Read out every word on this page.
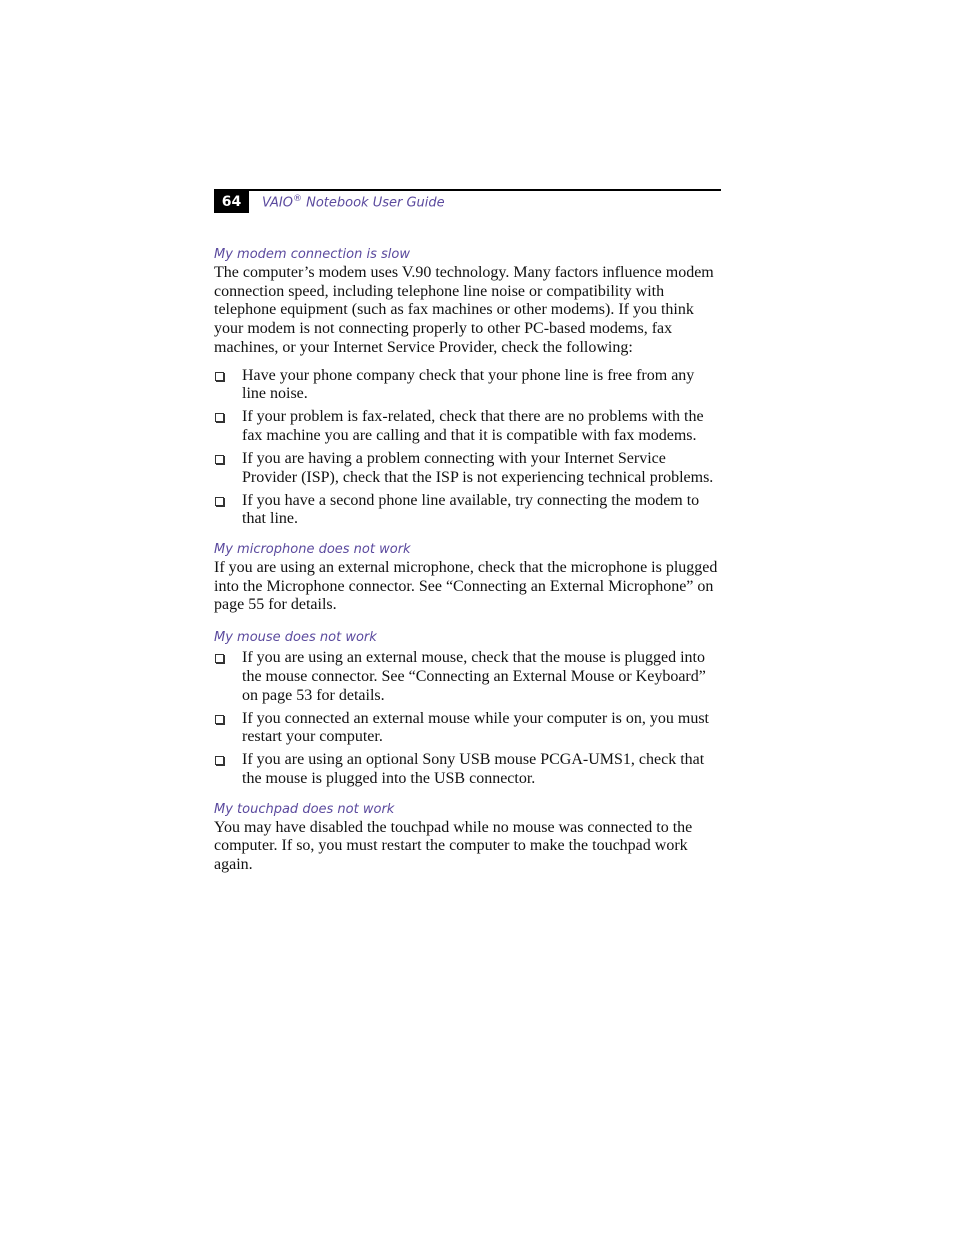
64	VAIO® Notebook User Guide

My modem connection is slow

The computer’s modem uses V.90 technology. Many factors influence modem connection speed, including telephone line noise or compatibility with telephone equipment (such as fax machines or other modems). If you think your modem is not connecting properly to other PC-based modems, fax machines, or your Internet Service Provider, check the following:

Have your phone company check that your phone line is free from any line noise.
If your problem is fax-related, check that there are no problems with the fax machine you are calling and that it is compatible with fax modems.
If you are having a problem connecting with your Internet Service Provider (ISP), check that the ISP is not experiencing technical problems.
If you have a second phone line available, try connecting the modem to that line.

My microphone does not work

If you are using an external microphone, check that the microphone is plugged into the Microphone connector. See “Connecting an External Microphone” on page 55 for details.

My mouse does not work

If you are using an external mouse, check that the mouse is plugged into the mouse connector. See “Connecting an External Mouse or Keyboard” on page 53 for details.
If you connected an external mouse while your computer is on, you must restart your computer.
If you are using an optional Sony USB mouse PCGA-UMS1, check that the mouse is plugged into the USB connector.

My touchpad does not work

You may have disabled the touchpad while no mouse was connected to the computer. If so, you must restart the computer to make the touchpad work again.
